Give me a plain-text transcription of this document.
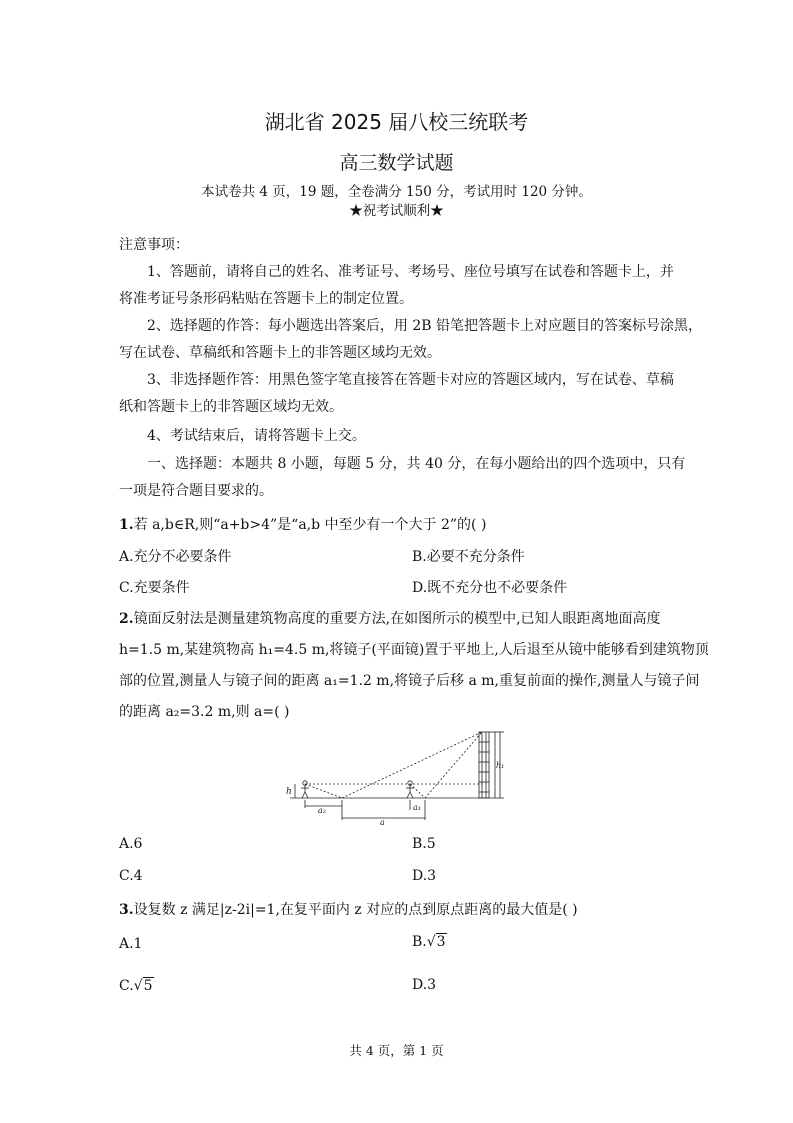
湖北省 2025 届八校三统联考
高三数学试题
本试卷共 4 页，19 题，全卷满分 150 分，考试用时 120 分钟。
★祝考试顺利★
注意事项：
1、答题前，请将自己的姓名、准考证号、考场号、座位号填写在试卷和答题卡上，并
将准考证号条形码粘贴在答题卡上的制定位置。
2、选择题的作答：每小题选出答案后，用 2B 铅笔把答题卡上对应题目的答案标号涂黑，
写在试卷、草稿纸和答题卡上的非答题区域均无效。
3、非选择题作答：用黑色签字笔直接答在答题卡对应的答题区域内，写在试卷、草稿
纸和答题卡上的非答题区域均无效。
4、考试结束后，请将答题卡上交。
一、选择题：本题共 8 小题，每题 5 分，共 40 分，在每小题给出的四个选项中，只有
一项是符合题目要求的。
1.若 a,b∈R,则“a+b>4”是“a,b 中至少有一个大于 2”的( )
A.充分不必要条件	B.必要不充分条件
C.充要条件	D.既不充分也不必要条件
2.镜面反射法是测量建筑物高度的重要方法,在如图所示的模型中,已知人眼距离地面高度
h=1.5 m,某建筑物高 h₁=4.5 m,将镜子(平面镜)置于平地上,人后退至从镜中能够看到建筑物顶
部的位置,测量人与镜子间的距离 a₁=1.2 m,将镜子后移 a m,重复前面的操作,测量人与镜子间
的距离 a₂=3.2 m,则 a=( )
h
a₂
a
a₁
h₁
A.6	B.5
C.4	D.3
3.设复数 z 满足|z-2i|=1,在复平面内 z 对应的点到原点距离的最大值是( )
A.1	B.√3
C.√5	D.3
共 4 页，第 1 页
